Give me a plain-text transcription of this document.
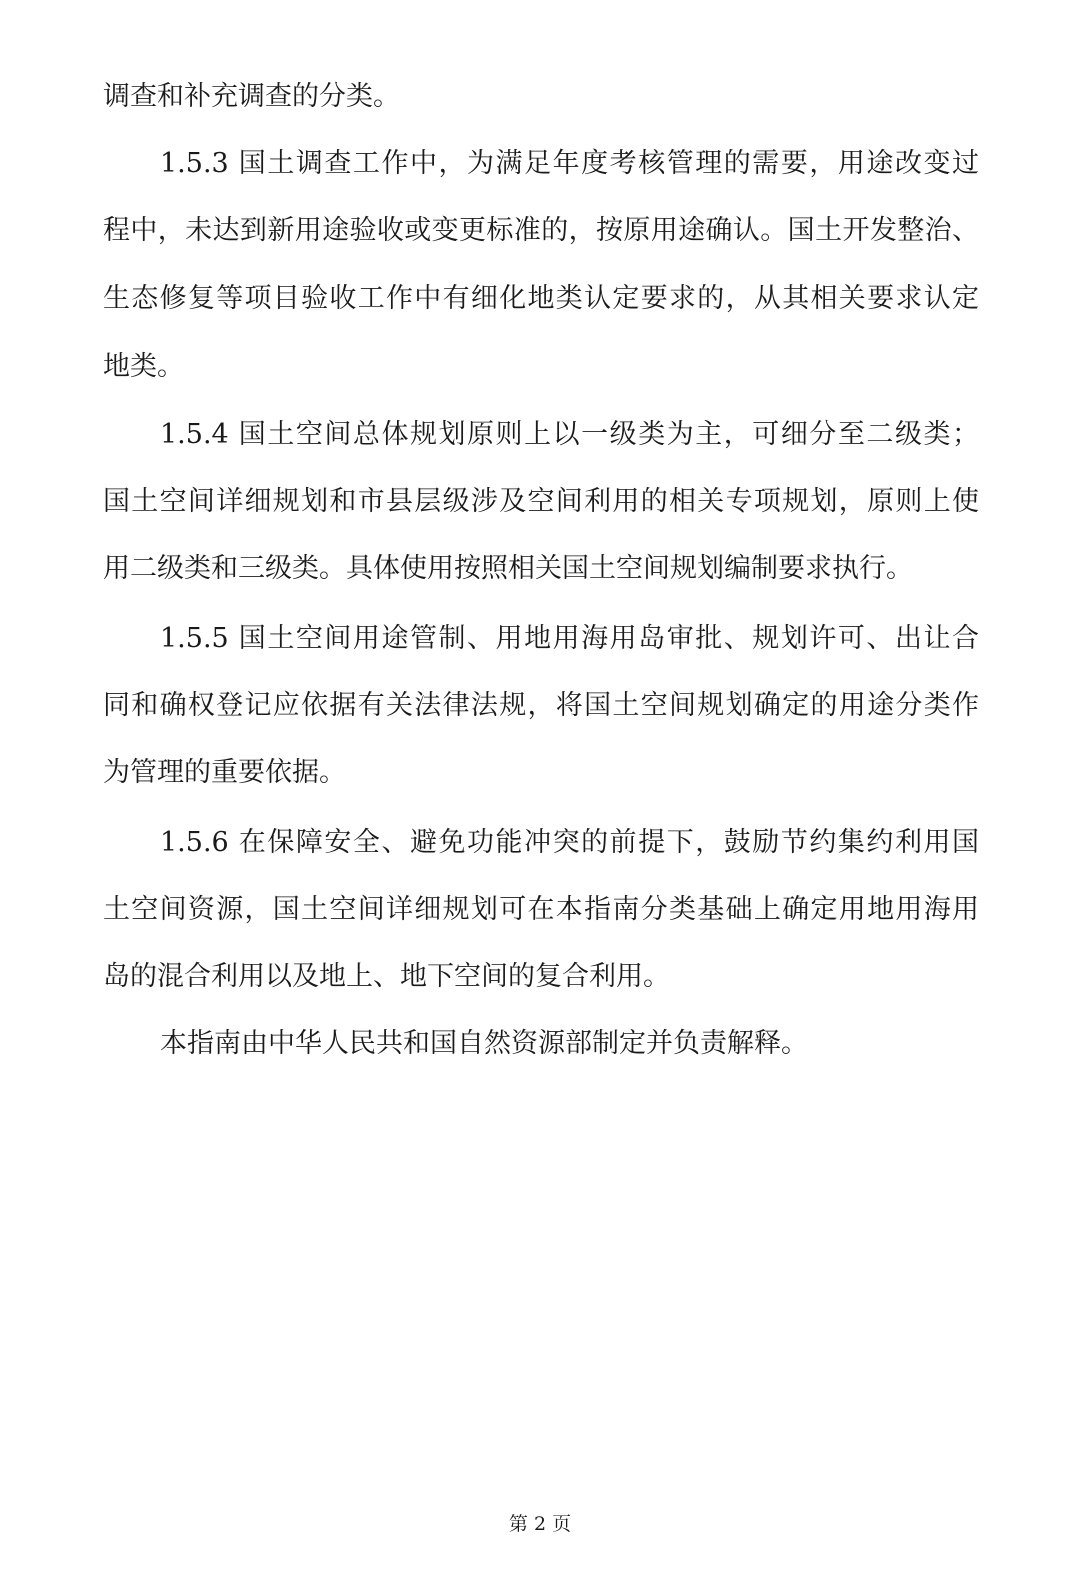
调查和补充调查的分类。
1.5.3 国土调查工作中，为满足年度考核管理的需要，用途改变过
程中，未达到新用途验收或变更标准的，按原用途确认。国土开发整治、
生态修复等项目验收工作中有细化地类认定要求的，从其相关要求认定
地类。
1.5.4 国土空间总体规划原则上以一级类为主，可细分至二级类；
国土空间详细规划和市县层级涉及空间利用的相关专项规划，原则上使
用二级类和三级类。具体使用按照相关国土空间规划编制要求执行。
1.5.5 国土空间用途管制、用地用海用岛审批、规划许可、出让合
同和确权登记应依据有关法律法规，将国土空间规划确定的用途分类作
为管理的重要依据。
1.5.6 在保障安全、避免功能冲突的前提下，鼓励节约集约利用国
土空间资源，国土空间详细规划可在本指南分类基础上确定用地用海用
岛的混合利用以及地上、地下空间的复合利用。
本指南由中华人民共和国自然资源部制定并负责解释。
第 2 页
